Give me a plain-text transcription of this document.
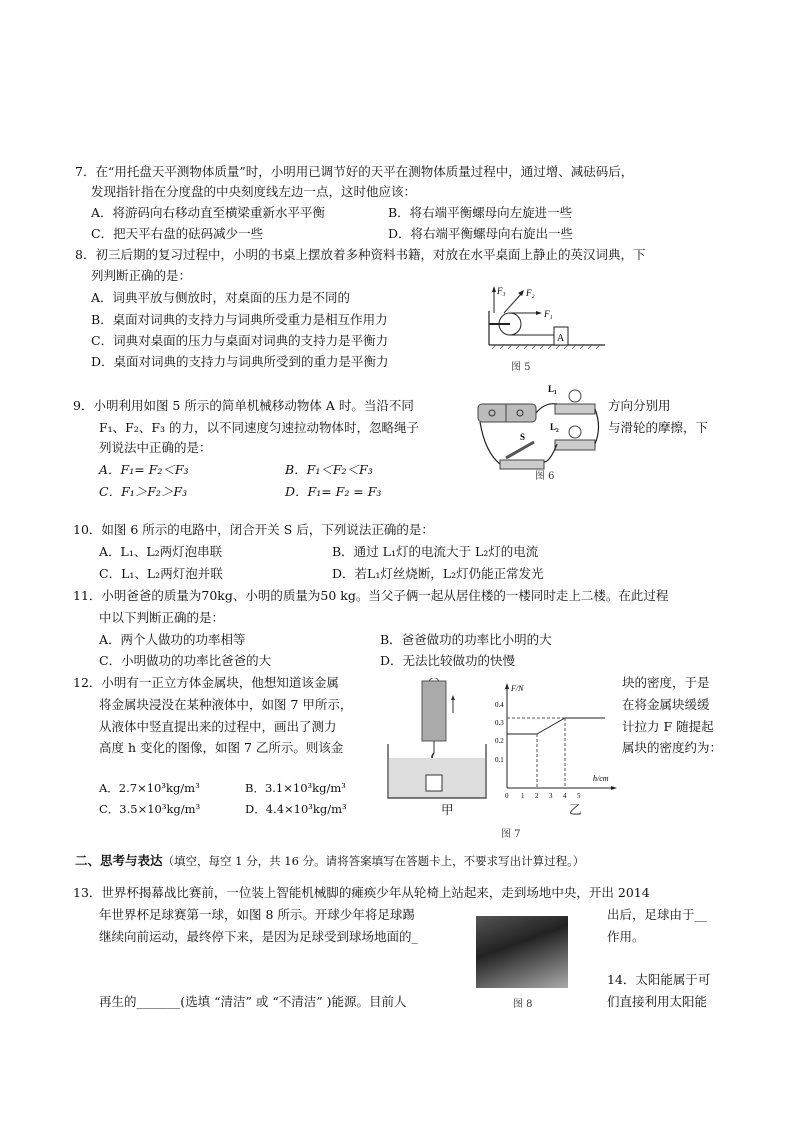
7．在“用托盘天平测物体质量”时，小明用已调节好的天平在测物体质量过程中，通过增、减砝码后，
发现指针指在分度盘的中央刻度线左边一点，这时他应该：
A．将游码向右移动直至横梁重新水平平衡	B．将右端平衡螺母向左旋进一些
C．把天平右盘的砝码减少一些	D．将右端平衡螺母向右旋出一些
8．初三后期的复习过程中，小明的书桌上摆放着多种资料书籍，对放在水平桌面上静止的英汉词典，下
列判断正确的是：
A．词典平放与侧放时，对桌面的压力是不同的
B．桌面对词典的支持力与词典所受重力是相互作用力
C．词典对桌面的压力与桌面对词典的支持力是平衡力
D．桌面对词典的支持力与词典所受到的重力是平衡力
A
F₃ F₂
F₁
图 5
9．小明利用如图 5 所示的简单机械移动物体 A 时。当沿不同	方向分别用
F₁、F₂、F₃ 的力，以不同速度匀速拉动物体时，忽略绳子	与滑轮的摩擦，下
列说法中正确的是：
A．F₁= F₂＜F₃	B．F₁＜F₂＜F₃
C．F₁＞F₂＞F₃	D．F₁= F₂ = F₃
L₁
L₂
S
图 6
10．如图 6 所示的电路中，闭合开关 S 后，下列说法正确的是：
A．L₁、L₂两灯泡串联	B．通过 L₁灯的电流大于 L₂灯的电流
C．L₁、L₂两灯泡并联	D．若L₁灯丝烧断，L₂灯仍能正常发光
11．小明爸爸的质量为70kg、小明的质量为50 kg。当父子俩一起从居住楼的一楼同时走上二楼。在此过程
中以下判断正确的是：
A．两个人做功的功率相等	B．爸爸做功的功率比小明的大
C．小明做功的功率比爸爸的大	D．无法比较做功的快慢
12．小明有一正立方体金属块，他想知道该金属	块的密度，于是
将金属块浸没在某种液体中，如图 7 甲所示，	在将金属块缓缓
从液体中竖直提出来的过程中，画出了测力	计拉力 F 随提起
高度 h 变化的图像，如图 7 乙所示。则该金	属块的密度约为：
A．2.7×10³kg/m³	B．3.1×10³kg/m³
C．3.5×10³kg/m³	D．4.4×10³kg/m³
F/N
h/cm
0.4
0.3
0.2
0.1
0 1 2 3 4 5
甲	乙
图 7
二、思考与表达（填空，每空 1 分，共 16 分。请将答案填写在答题卡上，不要求写出计算过程。）
13．世界杯揭幕战比赛前，一位装上智能机械脚的瘫痪少年从轮椅上站起来，走到场地中央，开出 2014
年世界杯足球赛第一球，如图 8 所示。开球少年将足球踢	出后，足球由于__
继续向前运动，最终停下来，是因为足球受到球场地面的_	作用。
图 8
14．太阳能属于可
再生的_______(选填 “清洁” 或 “不清洁” )能源。目前人	们直接利用太阳能
